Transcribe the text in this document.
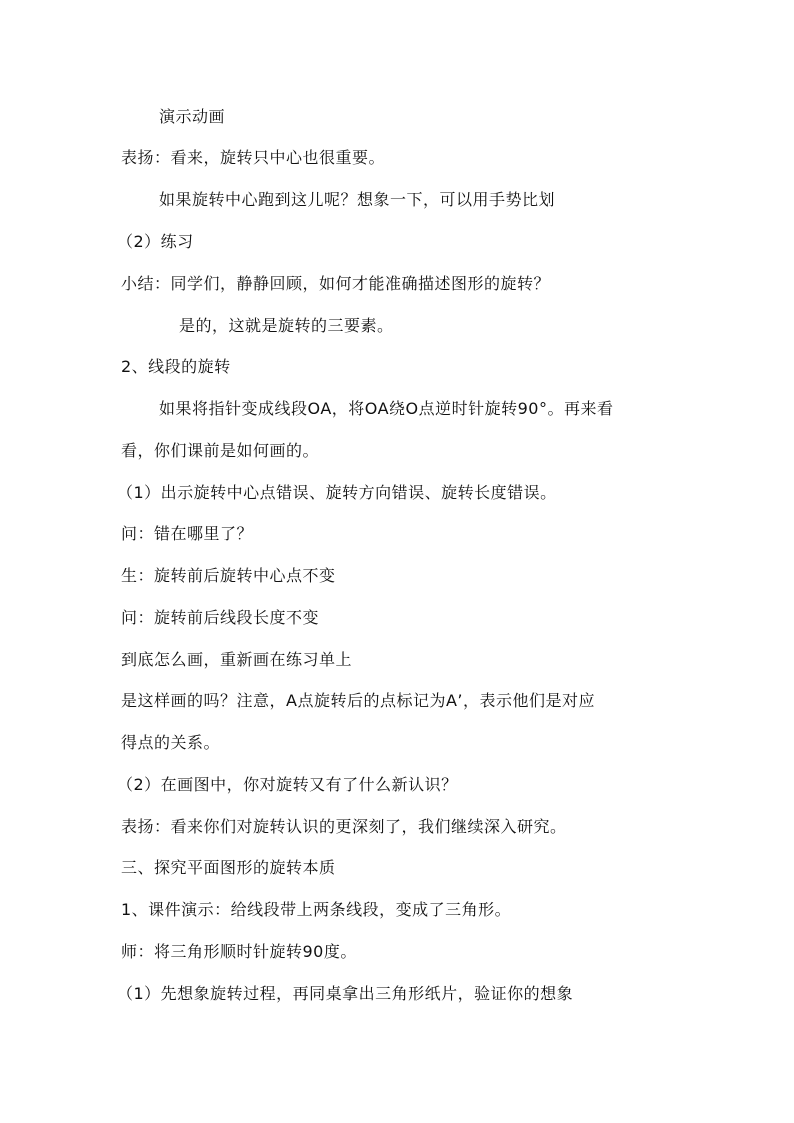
演示动画
表扬：看来，旋转只中心也很重要。
如果旋转中心跑到这儿呢？想象一下，可以用手势比划
（2）练习
小结：同学们，静静回顾，如何才能准确描述图形的旋转？
是的，这就是旋转的三要素。
2、线段的旋转
如果将指针变成线段OA，将OA绕O点逆时针旋转90°。再来看
看，你们课前是如何画的。
（1）出示旋转中心点错误、旋转方向错误、旋转长度错误。
问：错在哪里了？
生：旋转前后旋转中心点不变
问：旋转前后线段长度不变
到底怎么画，重新画在练习单上
是这样画的吗？注意，A点旋转后的点标记为A’，表示他们是对应
得点的关系。
（2）在画图中，你对旋转又有了什么新认识？
表扬：看来你们对旋转认识的更深刻了，我们继续深入研究。
三、探究平面图形的旋转本质
1、课件演示：给线段带上两条线段，变成了三角形。
师：将三角形顺时针旋转90度。
（1）先想象旋转过程，再同桌拿出三角形纸片，验证你的想象
